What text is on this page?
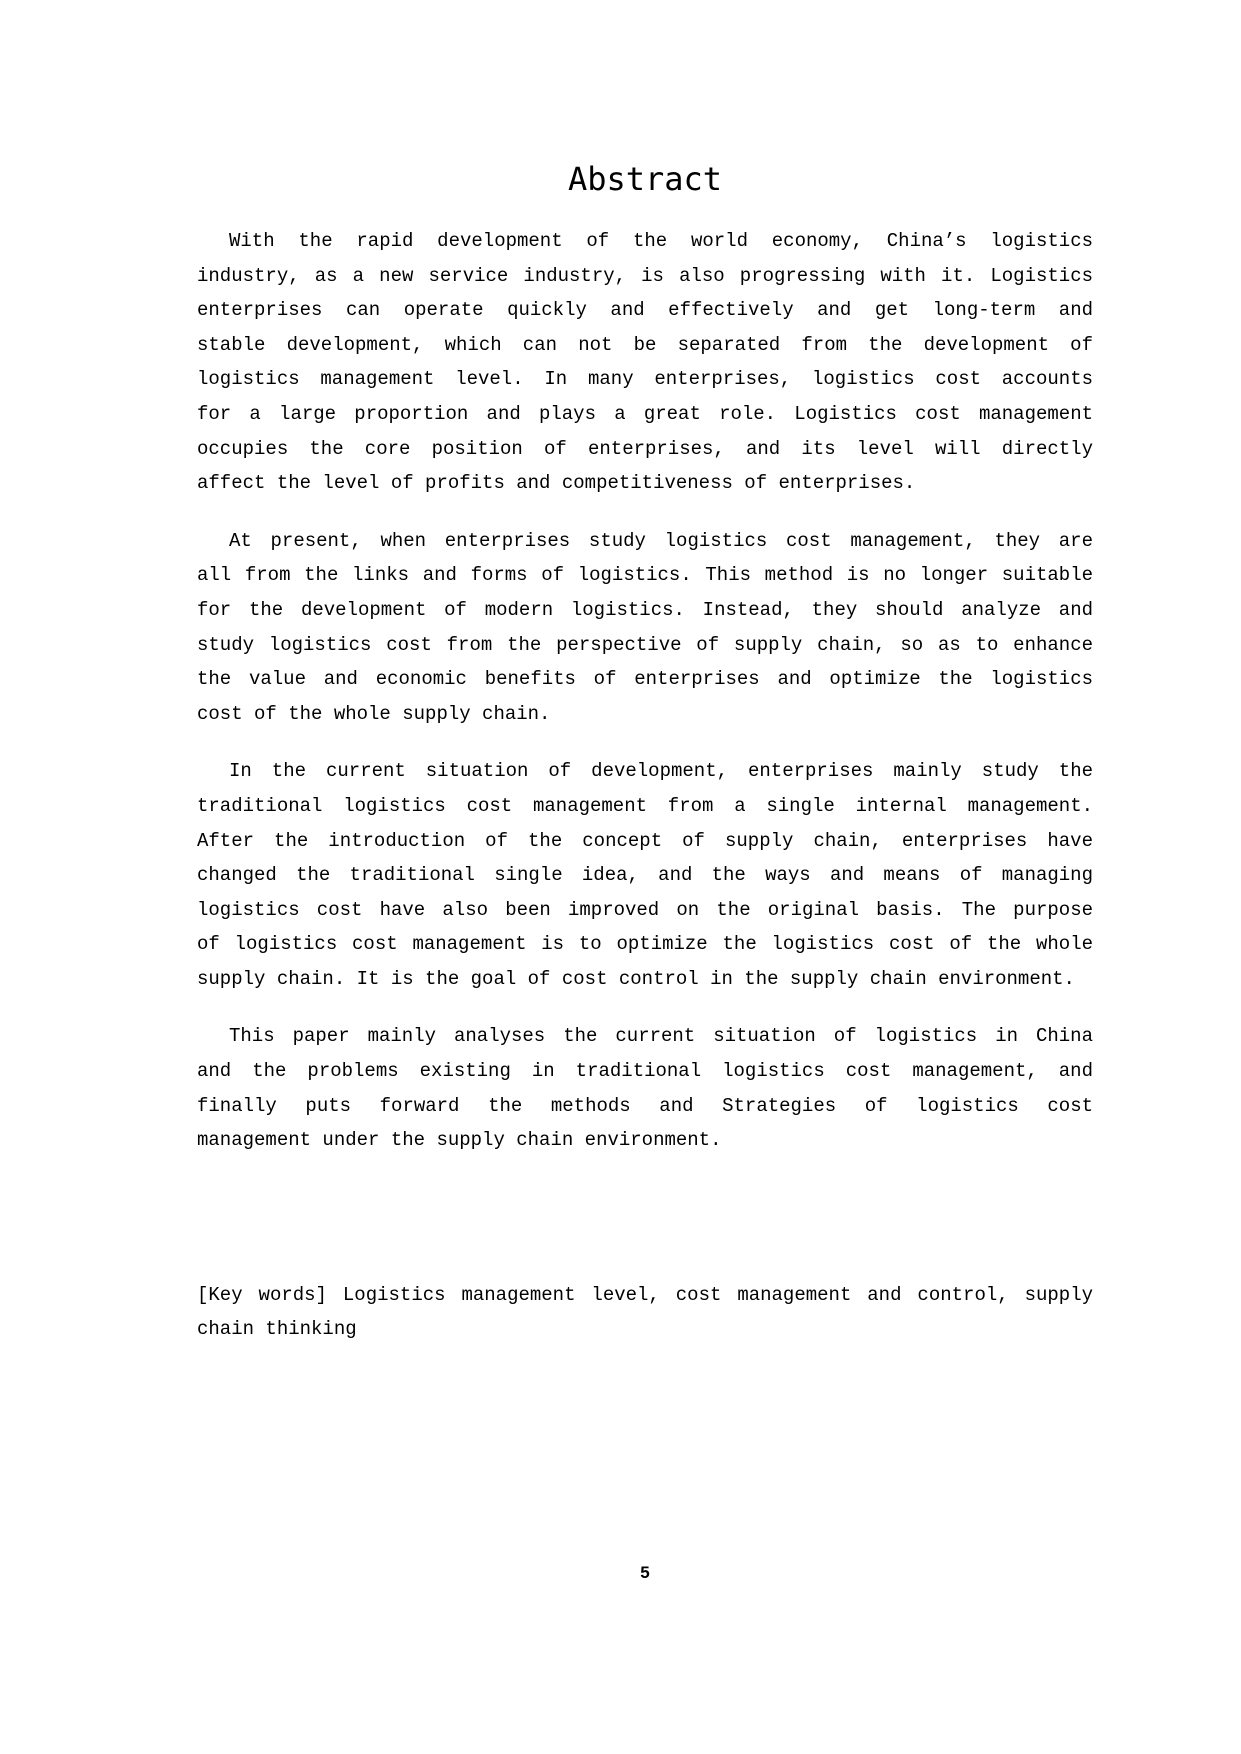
Abstract
With the rapid development of the world economy, China’s logistics
industry, as a new service industry, is also progressing with it. Logistics
enterprises can operate quickly and effectively and get long-term and
stable development, which can not be separated from the development of
logistics management level. In many enterprises, logistics cost accounts
for a large proportion and plays a great role. Logistics cost management
occupies the core position of enterprises, and its level will directly
affect the level of profits and competitiveness of enterprises.
At present, when enterprises study logistics cost management, they are
all from the links and forms of logistics. This method is no longer suitable
for the development of modern logistics. Instead, they should analyze and
study logistics cost from the perspective of supply chain, so as to enhance
the value and economic benefits of enterprises and optimize the logistics
cost of the whole supply chain.
In the current situation of development, enterprises mainly study the
traditional logistics cost management from a single internal management.
After the introduction of the concept of supply chain, enterprises have
changed the traditional single idea, and the ways and means of managing
logistics cost have also been improved on the original basis. The purpose
of logistics cost management is to optimize the logistics cost of the whole
supply chain. It is the goal of cost control in the supply chain environment.
This paper mainly analyses the current situation of logistics in China
and the problems existing in traditional logistics cost management, and
finally puts forward the methods and Strategies of logistics cost
management under the supply chain environment.
[Key words] Logistics management level, cost management and control, supply
chain thinking
5
